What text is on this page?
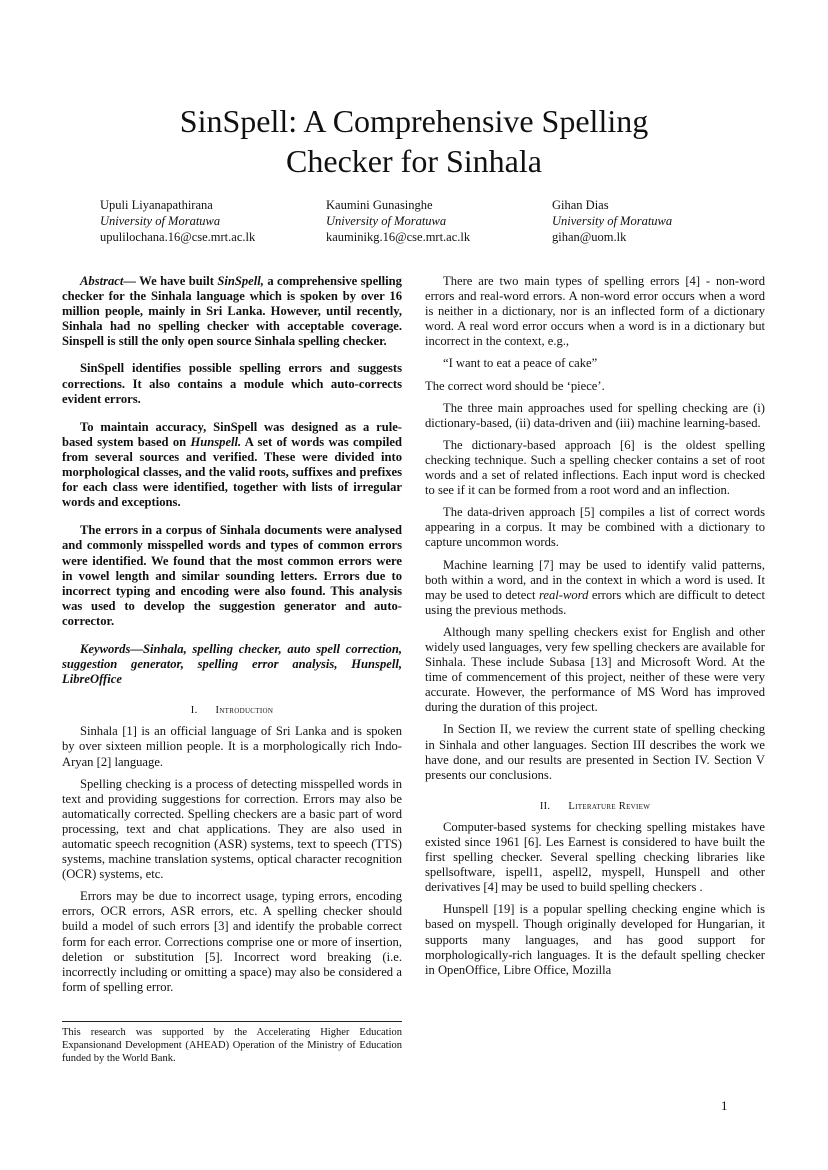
SinSpell: A Comprehensive Spelling
Checker for Sinhala
Upuli Liyanapathirana
University of Moratuwa
upulilochana.16@cse.mrt.ac.lk
Kaumini Gunasinghe
University of Moratuwa
kauminikg.16@cse.mrt.ac.lk
Gihan Dias
University of Moratuwa
gihan@uom.lk

Abstract— We have built SinSpell, a comprehensive spelling checker for the Sinhala language which is spoken by over 16 million people, mainly in Sri Lanka. However, until recently, Sinhala had no spelling checker with acceptable coverage. Sinspell is still the only open source Sinhala spelling checker.

SinSpell identifies possible spelling errors and suggests corrections. It also contains a module which auto-corrects evident errors.

To maintain accuracy, SinSpell was designed as a rule-based system based on Hunspell. A set of words was compiled from several sources and verified. These were divided into morphological classes, and the valid roots, suffixes and prefixes for each class were identified, together with lists of irregular words and exceptions.

The errors in a corpus of Sinhala documents were analysed and commonly misspelled words and types of common errors were identified. We found that the most common errors were in vowel length and similar sounding letters. Errors due to incorrect typing and encoding were also found. This analysis was used to develop the suggestion generator and auto-corrector.

Keywords—Sinhala, spelling checker, auto spell correction, suggestion generator, spelling error analysis, Hunspell, LibreOffice

I. Introduction

Sinhala [1] is an official language of Sri Lanka and is spoken by over sixteen million people. It is a morphologically rich Indo-Aryan [2] language.

Spelling checking is a process of detecting misspelled words in text and providing suggestions for correction. Errors may also be automatically corrected. Spelling checkers are a basic part of word processing, text and chat applications. They are also used in automatic speech recognition (ASR) systems, text to speech (TTS) systems, machine translation systems, optical character recognition (OCR) systems, etc.

Errors may be due to incorrect usage, typing errors, encoding errors, OCR errors, ASR errors, etc. A spelling checker should build a model of such errors [3] and identify the probable correct form for each error. Corrections comprise one or more of insertion, deletion or substitution [5]. Incorrect word breaking (i.e. incorrectly including or omitting a space) may also be considered a form of spelling error.

This research was supported by the Accelerating Higher Education Expansionand Development (AHEAD) Operation of the Ministry of Education funded by the World Bank.

There are two main types of spelling errors [4] - non-word errors and real-word errors. A non-word error occurs when a word is neither in a dictionary, nor is an inflected form of a dictionary word. A real word error occurs when a word is in a dictionary but incorrect in the context, e.g.,

“I want to eat a peace of cake”

The correct word should be ‘piece’.

The three main approaches used for spelling checking are (i) dictionary-based, (ii) data-driven and (iii) machine learning-based.

The dictionary-based approach [6] is the oldest spelling checking technique. Such a spelling checker contains a set of root words and a set of related inflections. Each input word is checked to see if it can be formed from a root word and an inflection.

The data-driven approach [5] compiles a list of correct words appearing in a corpus. It may be combined with a dictionary to capture uncommon words.

Machine learning [7] may be used to identify valid patterns, both within a word, and in the context in which a word is used. It may be used to detect real-word errors which are difficult to detect using the previous methods.

Although many spelling checkers exist for English and other widely used languages, very few spelling checkers are available for Sinhala. These include Subasa [13] and Microsoft Word. At the time of commencement of this project, neither of these were very accurate. However, the performance of MS Word has improved during the duration of this project.

In Section II, we review the current state of spelling checking in Sinhala and other languages. Section III describes the work we have done, and our results are presented in Section IV. Section V presents our conclusions.

II. Literature Review

Computer-based systems for checking spelling mistakes have existed since 1961 [6]. Les Earnest is considered to have built the first spelling checker. Several spelling checking libraries like spellsoftware, ispell1, aspell2, myspell, Hunspell and other derivatives [4] may be used to build spelling checkers .

Hunspell [19] is a popular spelling checking engine which is based on myspell. Though originally developed for Hungarian, it supports many languages, and has good support for morphologically-rich languages. It is the default spelling checker in OpenOffice, Libre Office, Mozilla

1
